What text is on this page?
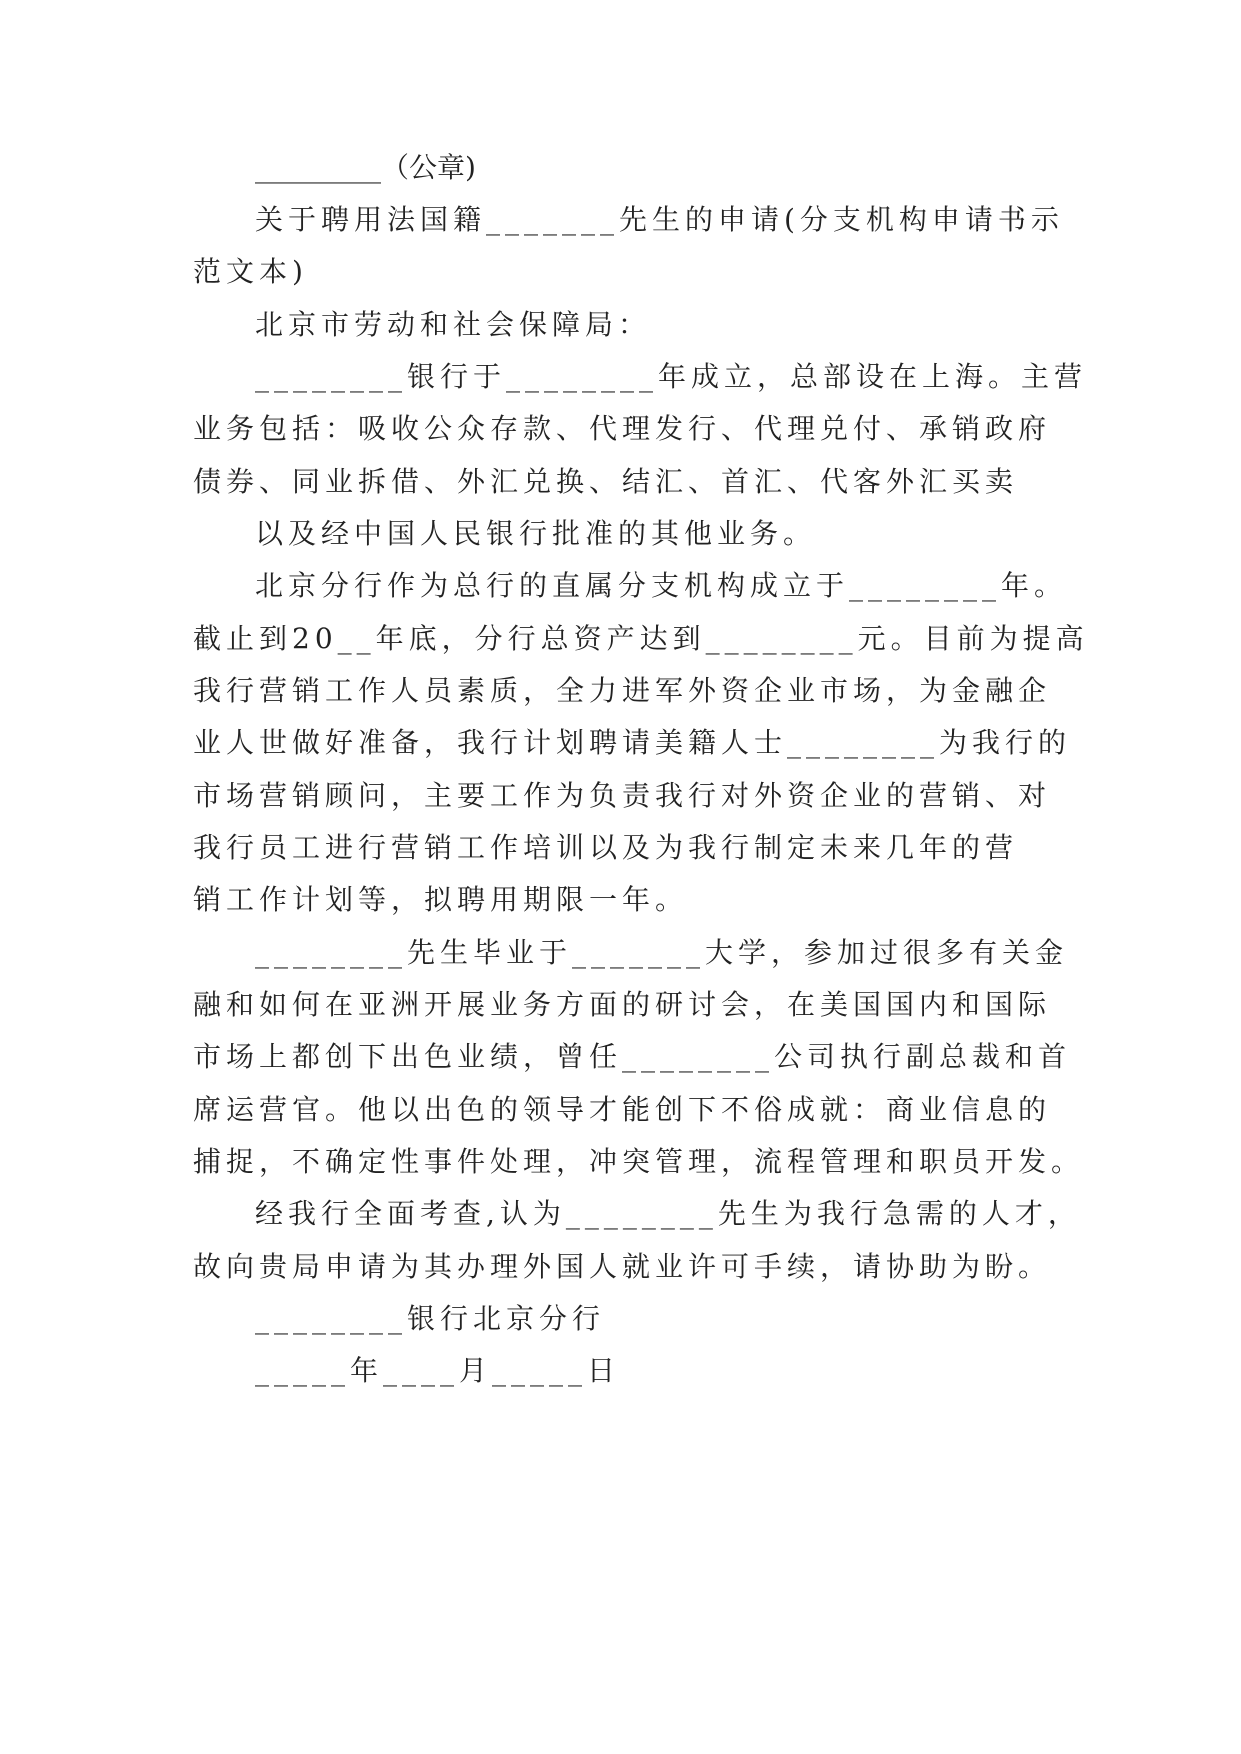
_________（公章)
关于聘用法国籍_______先生的申请(分支机构申请书示
范文本)
北京市劳动和社会保障局：
________银行于________年成立，总部设在上海。主营
业务包括：吸收公众存款、代理发行、代理兑付、承销政府
债券、同业拆借、外汇兑换、结汇、首汇、代客外汇买卖
以及经中国人民银行批准的其他业务。
北京分行作为总行的直属分支机构成立于________年。
截止到20__年底，分行总资产达到________元。目前为提高
我行营销工作人员素质，全力进军外资企业市场，为金融企
业人世做好准备，我行计划聘请美籍人士________为我行的
市场营销顾问，主要工作为负责我行对外资企业的营销、对
我行员工进行营销工作培训以及为我行制定未来几年的营
销工作计划等，拟聘用期限一年。
________先生毕业于_______大学，参加过很多有关金
融和如何在亚洲开展业务方面的研讨会，在美国国内和国际
市场上都创下出色业绩，曾任________公司执行副总裁和首
席运营官。他以出色的领导才能创下不俗成就：商业信息的
捕捉，不确定性事件处理，冲突管理，流程管理和职员开发。
经我行全面考查,认为________先生为我行急需的人才，
故向贵局申请为其办理外国人就业许可手续，请协助为盼。
________银行北京分行
_____年____月_____日
